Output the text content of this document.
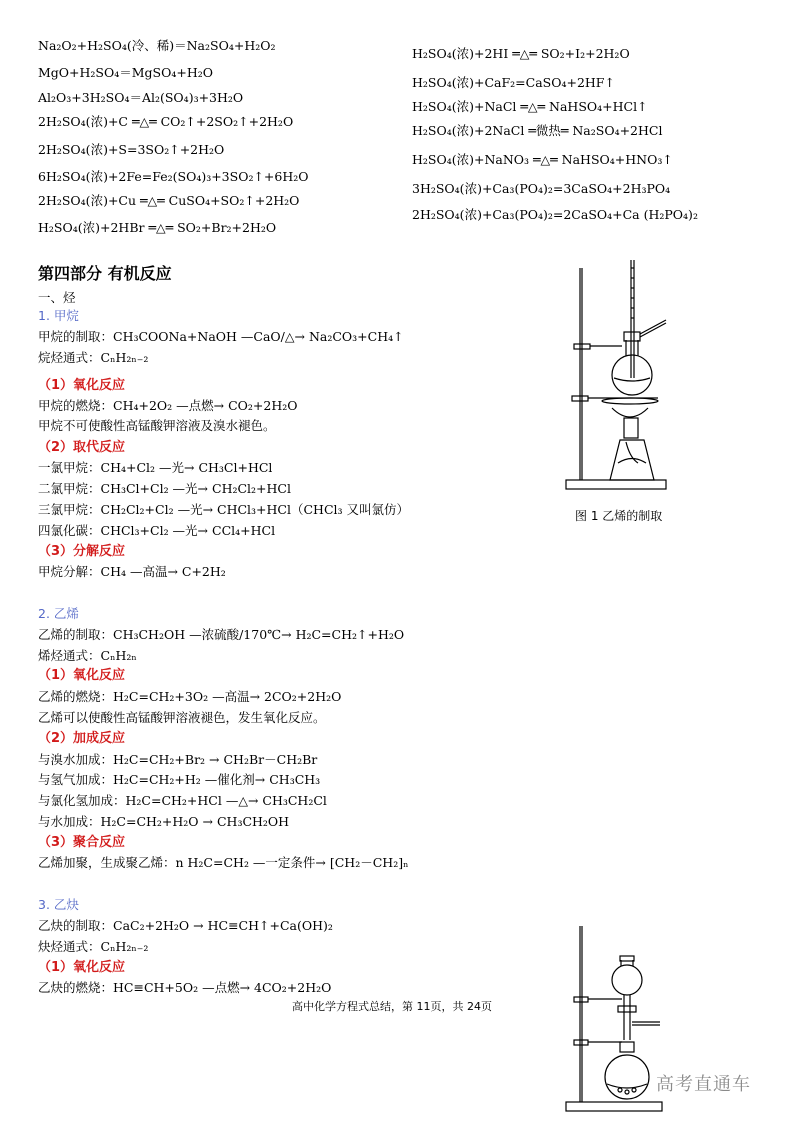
Na₂O₂+H₂SO₄(冷、稀)＝Na₂SO₄+H₂O₂
MgO+H₂SO₄＝MgSO₄+H₂O
Al₂O₃+3H₂SO₄＝Al₂(SO₄)₃+3H₂O
2H₂SO₄(浓)+C ═△═ CO₂↑+2SO₂↑+2H₂O
2H₂SO₄(浓)+S=3SO₂↑+2H₂O
6H₂SO₄(浓)+2Fe=Fe₂(SO₄)₃+3SO₂↑+6H₂O
2H₂SO₄(浓)+Cu ═△═ CuSO₄+SO₂↑+2H₂O
H₂SO₄(浓)+2HBr ═△═ SO₂+Br₂+2H₂O
H₂SO₄(浓)+2HI ═△═ SO₂+I₂+2H₂O
H₂SO₄(浓)+CaF₂=CaSO₄+2HF↑
H₂SO₄(浓)+NaCl ═△═ NaHSO₄+HCl↑
H₂SO₄(浓)+2NaCl ═微热═ Na₂SO₄+2HCl
H₂SO₄(浓)+NaNO₃ ═△═ NaHSO₄+HNO₃↑
3H₂SO₄(浓)+Ca₃(PO₄)₂=3CaSO₄+2H₃PO₄
2H₂SO₄(浓)+Ca₃(PO₄)₂=2CaSO₄+Ca (H₂PO₄)₂
第四部分 有机反应
一、烃
1. 甲烷
甲烷的制取：CH₃COONa+NaOH —CaO/△→ Na₂CO₃+CH₄↑
烷烃通式：CₙH₂ₙ₋₂
（1）氧化反应
甲烷的燃烧：CH₄+2O₂ —点燃→ CO₂+2H₂O
甲烷不可使酸性高锰酸钾溶液及溴水褪色。
（2）取代反应
一氯甲烷：CH₄+Cl₂ —光→ CH₃Cl+HCl
二氯甲烷：CH₃Cl+Cl₂ —光→ CH₂Cl₂+HCl
三氯甲烷：CH₂Cl₂+Cl₂ —光→ CHCl₃+HCl（CHCl₃ 又叫氯仿）
四氯化碳：CHCl₃+Cl₂ —光→ CCl₄+HCl
（3）分解反应
甲烷分解：CH₄ —高温→ C+2H₂
2. 乙烯
乙烯的制取：CH₃CH₂OH —浓硫酸/170℃→ H₂C=CH₂↑+H₂O
烯烃通式：CₙH₂ₙ
（1）氧化反应
乙烯的燃烧：H₂C=CH₂+3O₂ —高温→ 2CO₂+2H₂O
乙烯可以使酸性高锰酸钾溶液褪色，发生氧化反应。
（2）加成反应
与溴水加成：H₂C=CH₂+Br₂ → CH₂Br－CH₂Br
与氢气加成：H₂C=CH₂+H₂ —催化剂→ CH₃CH₃
与氯化氢加成：H₂C=CH₂+HCl —△→ CH₃CH₂Cl
与水加成：H₂C=CH₂+H₂O → CH₃CH₂OH
（3）聚合反应
乙烯加聚，生成聚乙烯：n H₂C=CH₂ —一定条件→ [CH₂－CH₂]ₙ
3. 乙炔
乙炔的制取：CaC₂+2H₂O → HC≡CH↑+Ca(OH)₂
炔烃通式：CₙH₂ₙ₋₂
（1）氧化反应
乙炔的燃烧：HC≡CH+5O₂ —点燃→ 4CO₂+2H₂O
图 1 乙烯的制取
高中化学方程式总结，第 11页，共 24页
高考直通车
